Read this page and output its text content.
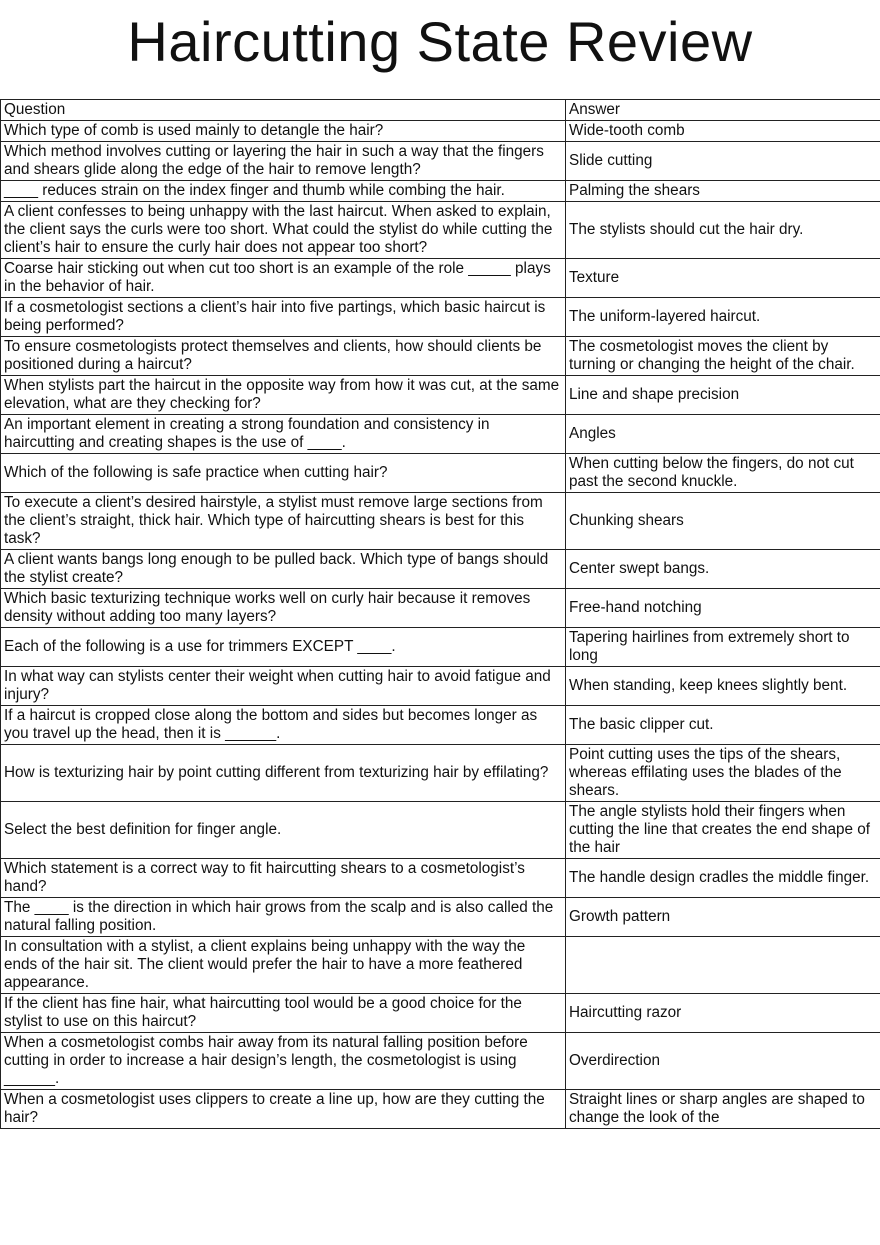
Haircutting State Review
Question	Answer
Which type of comb is used mainly to detangle the hair?	Wide-tooth comb
Which method involves cutting or layering the hair in such a way that the fingers and shears glide along the edge of the hair to remove length?	Slide cutting
____ reduces strain on the index finger and thumb while combing the hair.	Palming the shears
A client confesses to being unhappy with the last haircut. When asked to explain, the client says the curls were too short. What could the stylist do while cutting the client’s hair to ensure the curly hair does not appear too short?	The stylists should cut the hair dry.
Coarse hair sticking out when cut too short is an example of the role _____ plays in the behavior of hair.	Texture
If a cosmetologist sections a client’s hair into five partings, which basic haircut is being performed?	The uniform-layered haircut.
To ensure cosmetologists protect themselves and clients, how should clients be positioned during a haircut?	The cosmetologist moves the client by turning or changing the height of the chair.
When stylists part the haircut in the opposite way from how it was cut, at the same elevation, what are they checking for?	Line and shape precision
An important element in creating a strong foundation and consistency in haircutting and creating shapes is the use of ____.	Angles
Which of the following is safe practice when cutting hair?	When cutting below the fingers, do not cut past the second knuckle.
To execute a client’s desired hairstyle, a stylist must remove large sections from the client’s straight, thick hair. Which type of haircutting shears is best for this task?	Chunking shears
A client wants bangs long enough to be pulled back. Which type of bangs should the stylist create?	Center swept bangs.
Which basic texturizing technique works well on curly hair because it removes density without adding too many layers?	Free-hand notching
Each of the following is a use for trimmers EXCEPT ____.	Tapering hairlines from extremely short to long
In what way can stylists center their weight when cutting hair to avoid fatigue and injury?	When standing, keep knees slightly bent.
If a haircut is cropped close along the bottom and sides but becomes longer as you travel up the head, then it is ______.	The basic clipper cut.
How is texturizing hair by point cutting different from texturizing hair by effilating?	Point cutting uses the tips of the shears, whereas effilating uses the blades of the shears.
Select the best definition for finger angle.	The angle stylists hold their fingers when cutting the line that creates the end shape of the hair
Which statement is a correct way to fit haircutting shears to a cosmetologist’s hand?	The handle design cradles the middle finger.
The ____ is the direction in which hair grows from the scalp and is also called the natural falling position.	Growth pattern
In consultation with a stylist, a client explains being unhappy with the way the ends of the hair sit. The client would prefer the hair to have a more feathered appearance.	
If the client has fine hair, what haircutting tool would be a good choice for the stylist to use on this haircut?	Haircutting razor
When a cosmetologist combs hair away from its natural falling position before cutting in order to increase a hair design’s length, the cosmetologist is using ______.	Overdirection
When a cosmetologist uses clippers to create a line up, how are they cutting the hair?	Straight lines or sharp angles are shaped to change the look of the
